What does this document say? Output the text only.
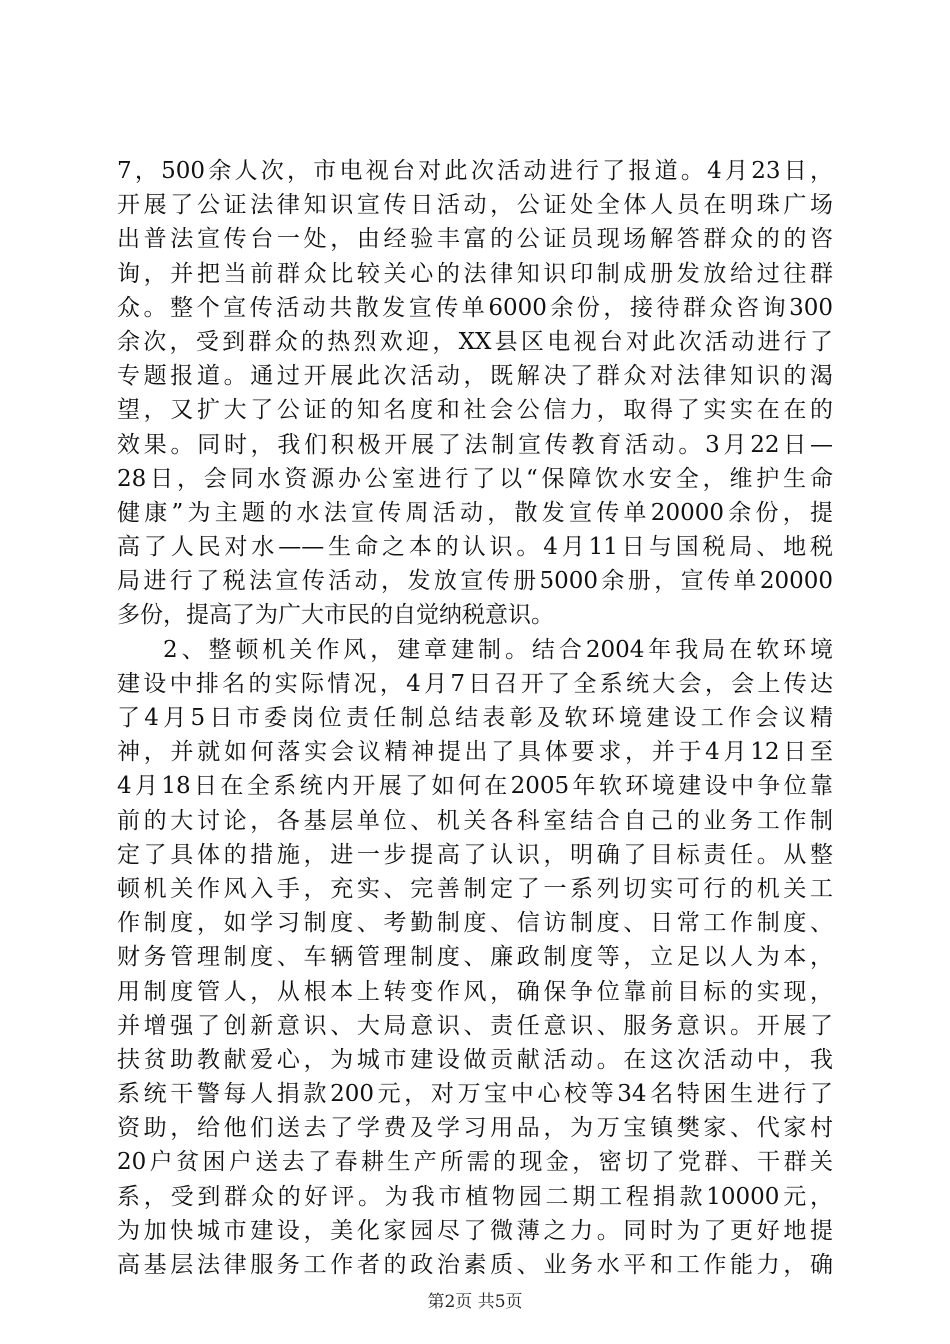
7，500余人次，市电视台对此次活动进行了报道。4月23日，
开展了公证法律知识宣传日活动，公证处全体人员在明珠广场
出普法宣传台一处，由经验丰富的公证员现场解答群众的的咨
询，并把当前群众比较关心的法律知识印制成册发放给过往群
众。整个宣传活动共散发宣传单6000余份，接待群众咨询300
余次，受到群众的热烈欢迎，XX县区电视台对此次活动进行了
专题报道。通过开展此次活动，既解决了群众对法律知识的渴
望，又扩大了公证的知名度和社会公信力，取得了实实在在的
效果。同时，我们积极开展了法制宣传教育活动。3月22日—
28日，会同水资源办公室进行了以“保障饮水安全，维护生命
健康”为主题的水法宣传周活动，散发宣传单20000余份，提
高了人民对水——生命之本的认识。4月11日与国税局、地税
局进行了税法宣传活动，发放宣传册5000余册，宣传单20000
多份，提高了为广大市民的自觉纳税意识。
2、整顿机关作风，建章建制。结合2004年我局在软环境
建设中排名的实际情况，4月7日召开了全系统大会，会上传达
了4月5日市委岗位责任制总结表彰及软环境建设工作会议精
神，并就如何落实会议精神提出了具体要求，并于4月12日至
4月18日在全系统内开展了如何在2005年软环境建设中争位靠
前的大讨论，各基层单位、机关各科室结合自己的业务工作制
定了具体的措施，进一步提高了认识，明确了目标责任。从整
顿机关作风入手，充实、完善制定了一系列切实可行的机关工
作制度，如学习制度、考勤制度、信访制度、日常工作制度、
财务管理制度、车辆管理制度、廉政制度等，立足以人为本，
用制度管人，从根本上转变作风，确保争位靠前目标的实现，
并增强了创新意识、大局意识、责任意识、服务意识。开展了
扶贫助教献爱心，为城市建设做贡献活动。在这次活动中，我
系统干警每人捐款200元，对万宝中心校等34名特困生进行了
资助，给他们送去了学费及学习用品，为万宝镇樊家、代家村
20户贫困户送去了春耕生产所需的现金，密切了党群、干群关
系，受到群众的好评。为我市植物园二期工程捐款10000元，
为加快城市建设，美化家园尽了微薄之力。同时为了更好地提
高基层法律服务工作者的政治素质、业务水平和工作能力，确
第2页 共5页
